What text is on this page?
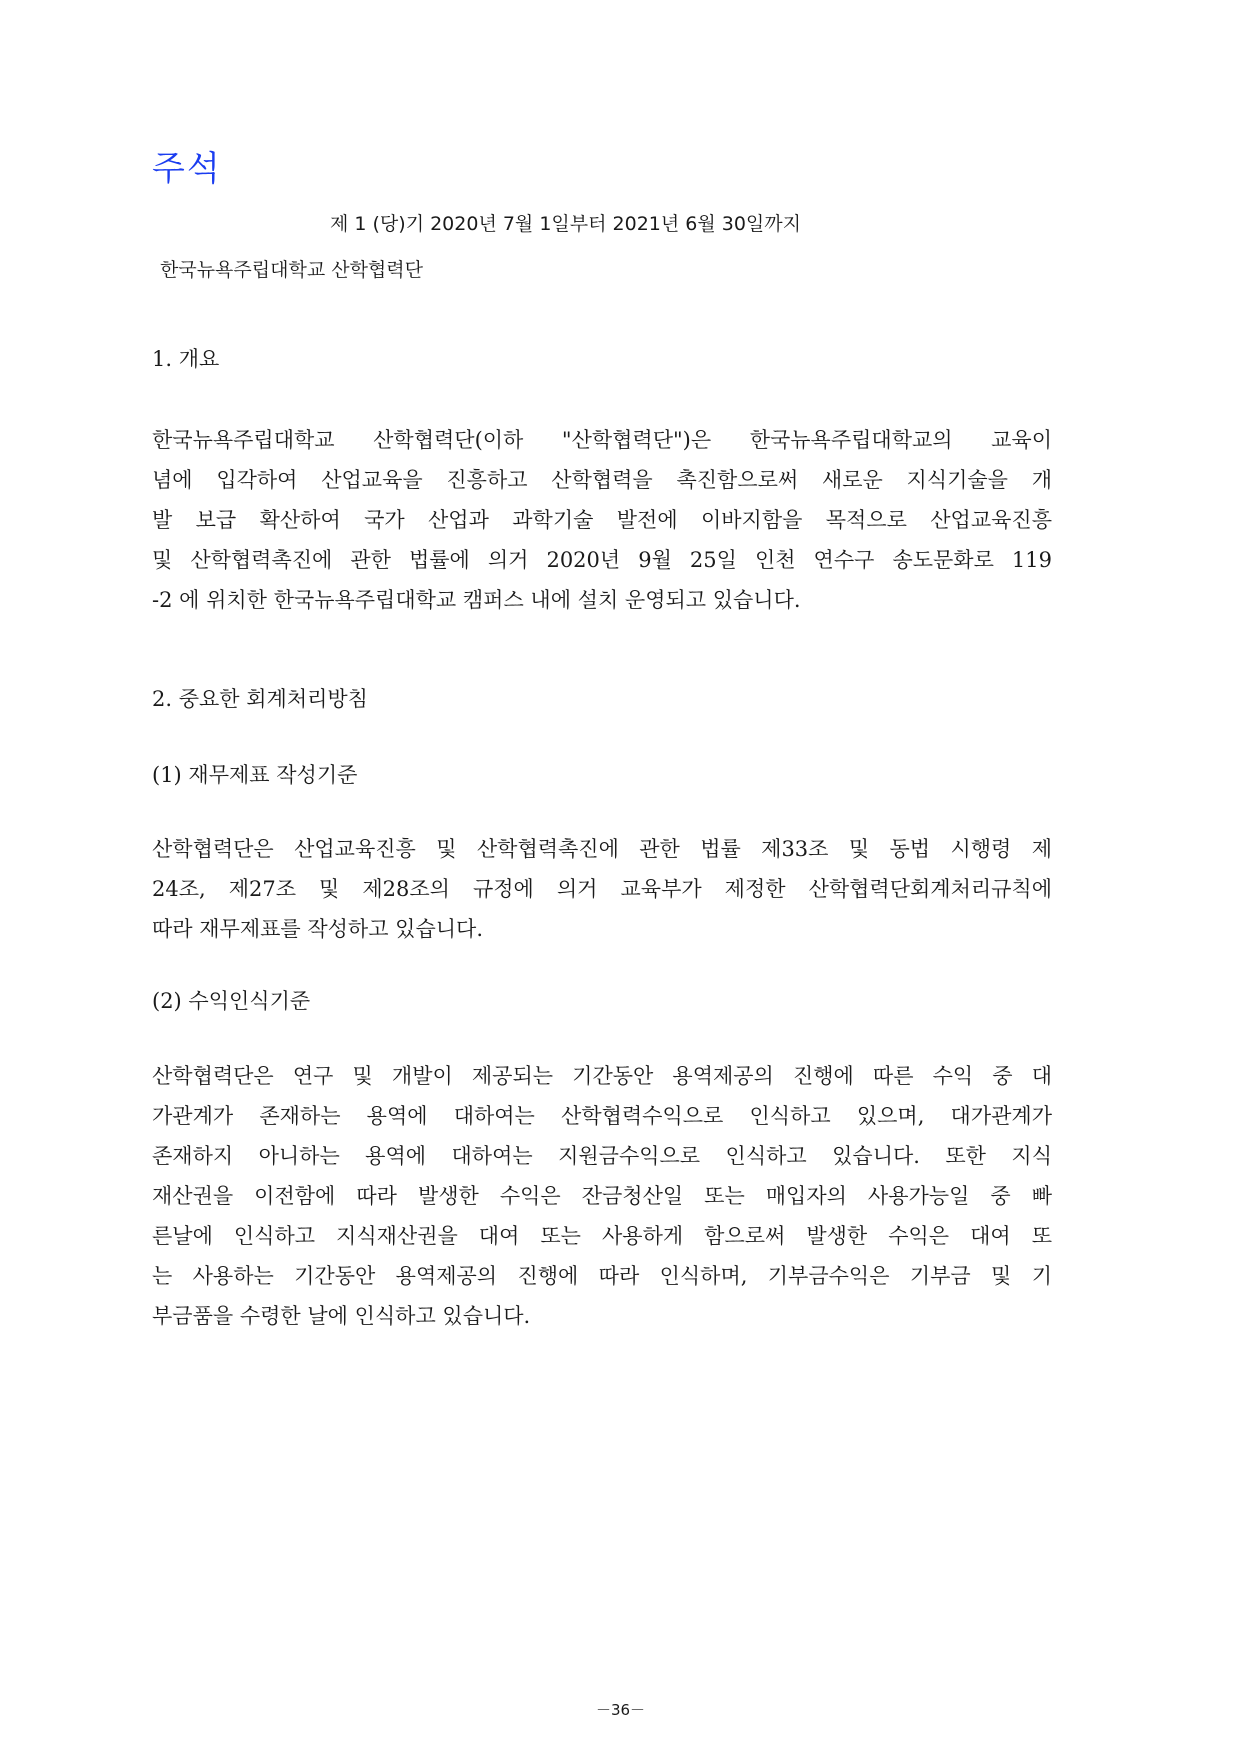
주석

제 1 (당)기 2020년 7월 1일부터 2021년 6월 30일까지

한국뉴욕주립대학교 산학협력단

1. 개요
한국뉴욕주립대학교 산학협력단(이하 "산학협력단")은 한국뉴욕주립대학교의 교육이
념에 입각하여 산업교육을 진흥하고 산학협력을 촉진함으로써 새로운 지식기술을 개
발 보급 확산하여 국가 산업과 과학기술 발전에 이바지함을 목적으로 산업교육진흥
및 산학협력촉진에 관한 법률에 의거 2020년 9월 25일 인천 연수구 송도문화로 119
-2 에 위치한 한국뉴욕주립대학교 캠퍼스 내에 설치 운영되고 있습니다.
2. 중요한 회계처리방침
(1) 재무제표 작성기준
산학협력단은 산업교육진흥 및 산학협력촉진에 관한 법률 제33조 및 동법 시행령 제
24조, 제27조 및 제28조의 규정에 의거 교육부가 제정한 산학협력단회계처리규칙에
따라 재무제표를 작성하고 있습니다.
(2) 수익인식기준
산학협력단은 연구 및 개발이 제공되는 기간동안 용역제공의 진행에 따른 수익 중 대
가관계가 존재하는 용역에 대하여는 산학협력수익으로 인식하고 있으며, 대가관계가
존재하지 아니하는 용역에 대하여는 지원금수익으로 인식하고 있습니다. 또한 지식
재산권을 이전함에 따라 발생한 수익은 잔금청산일 또는 매입자의 사용가능일 중 빠
른날에 인식하고 지식재산권을 대여 또는 사용하게 함으로써 발생한 수익은 대여 또
는 사용하는 기간동안 용역제공의 진행에 따라 인식하며, 기부금수익은 기부금 및 기
부금품을 수령한 날에 인식하고 있습니다.

－36－
